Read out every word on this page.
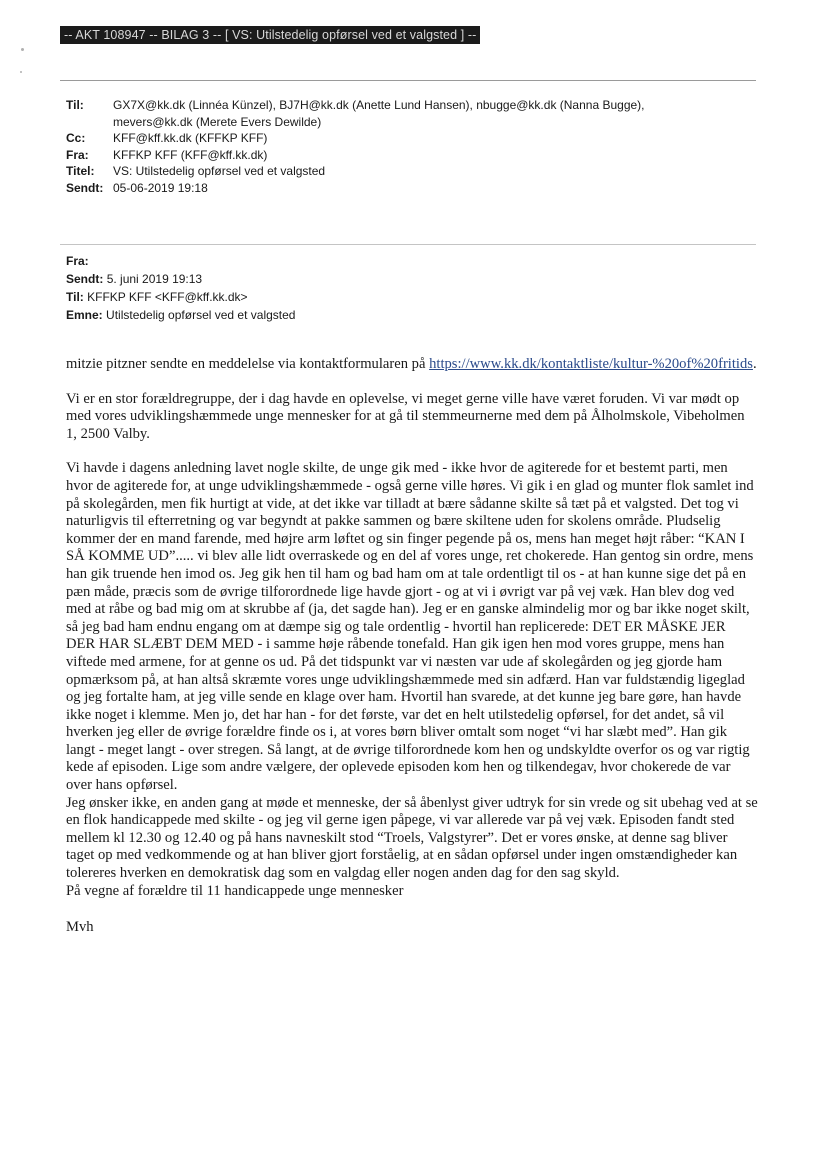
-- AKT 108947 -- BILAG 3 -- [ VS: Utilstedelig opførsel ved et valgsted ] --
Til:	GX7X@kk.dk (Linnéa Künzel), BJ7H@kk.dk (Anette Lund Hansen), nbugge@kk.dk (Nanna Bugge),
mevers@kk.dk (Merete Evers Dewilde)
Cc:	KFF@kff.kk.dk (KFFKP KFF)
Fra:	KFFKP KFF (KFF@kff.kk.dk)
Titel:	VS: Utilstedelig opførsel ved et valgsted
Sendt: 05-06-2019 19:18
Fra:
Sendt: 5. juni 2019 19:13
Til: KFFKP KFF <KFF@kff.kk.dk>
Emne: Utilstedelig opførsel ved et valgsted

mitzie pitzner sendte en meddelelse via kontaktformularen på https://www.kk.dk/kontaktliste/kultur-%20of%20fritids.

Vi er en stor forældregruppe, der i dag havde en oplevelse, vi meget gerne ville have været foruden. Vi var mødt op med vores udviklingshæmmede unge mennesker for at gå til stemmeurnerne med dem på Ålholmskole, Vibeholmen 1, 2500 Valby.

Vi havde i dagens anledning lavet nogle skilte, de unge gik med - ikke hvor de agiterede for et bestemt parti, men hvor de agiterede for, at unge udviklingshæmmede - også gerne ville høres. Vi gik i en glad og munter flok samlet ind på skolegården, men fik hurtigt at vide, at det ikke var tilladt at bære sådanne skilte så tæt på et valgsted. Det tog vi naturligvis til efterretning og var begyndt at pakke sammen og bære skiltene uden for skolens område. Pludselig kommer der en mand farende, med højre arm løftet og sin finger pegende på os, mens han meget højt råber: “KAN I SÅ KOMME UD”..... vi blev alle lidt overraskede og en del af vores unge, ret chokerede. Han gentog sin ordre, mens han gik truende hen imod os. Jeg gik hen til ham og bad ham om at tale ordentligt til os - at han kunne sige det på en pæn måde, præcis som de øvrige tilforordnede lige havde gjort - og at vi i øvrigt var på vej væk. Han blev dog ved med at råbe og bad mig om at skrubbe af (ja, det sagde han). Jeg er en ganske almindelig mor og bar ikke noget skilt, så jeg bad ham endnu engang om at dæmpe sig og tale ordentlig - hvortil han replicerede: DET ER MÅSKE JER DER HAR SLÆBT DEM MED - i samme høje råbende tonefald. Han gik igen hen mod vores gruppe, mens han viftede med armene, for at genne os ud. På det tidspunkt var vi næsten var ude af skolegården og jeg gjorde ham opmærksom på, at han altså skræmte vores unge udviklingshæmmede med sin adfærd. Han var fuldstændig ligeglad og jeg fortalte ham, at jeg ville sende en klage over ham. Hvortil han svarede, at det kunne jeg bare gøre, han havde ikke noget i klemme. Men jo, det har han - for det første, var det en helt utilstedelig opførsel, for det andet, så vil hverken jeg eller de øvrige forældre finde os i, at vores børn bliver omtalt som noget “vi har slæbt med”. Han gik langt - meget langt - over stregen. Så langt, at de øvrige tilforordnede kom hen og undskyldte overfor os og var rigtig kede af episoden. Lige som andre vælgere, der oplevede episoden kom hen og tilkendegav, hvor chokerede de var over hans opførsel.

Jeg ønsker ikke, en anden gang at møde et menneske, der så åbenlyst giver udtryk for sin vrede og sit ubehag ved at se en flok handicappede med skilte - og jeg vil gerne igen påpege, vi var allerede var på vej væk. Episoden fandt sted mellem kl 12.30 og 12.40 og på hans navneskilt stod “Troels, Valgstyrer”. Det er vores ønske, at denne sag bliver taget op med vedkommende og at han bliver gjort forståelig, at en sådan opførsel under ingen omstændigheder kan tolereres hverken en demokratisk dag som en valgdag eller nogen anden dag for den sag skyld.

På vegne af forældre til 11 handicappede unge mennesker

Mvh
